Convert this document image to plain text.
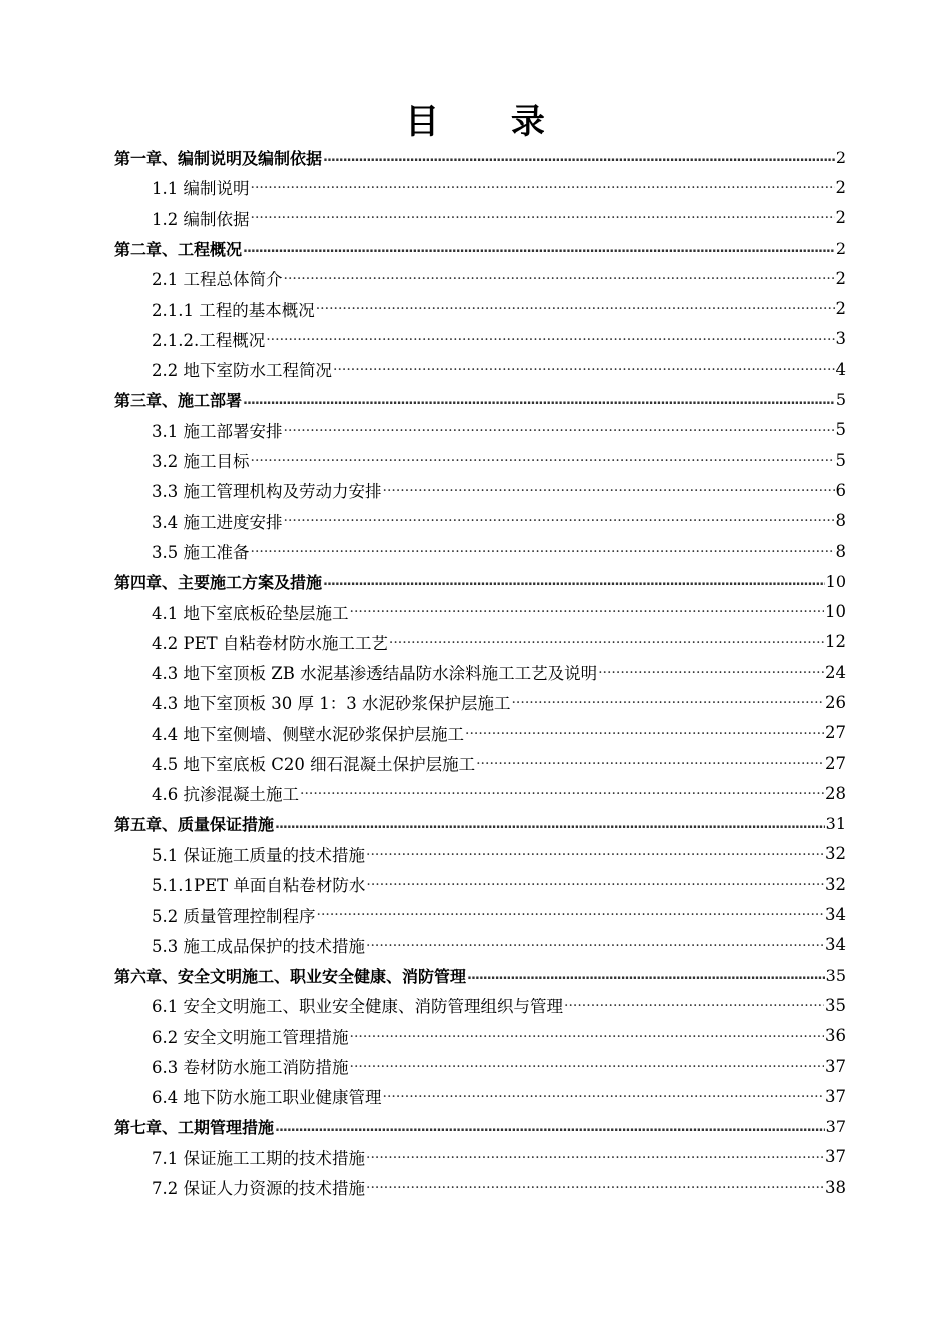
目 录
第一章、编制说明及编制依据 .....	2
1.1 编制说明 ·····	2
1.2 编制依据 ·····	2
第二章、工程概况 .....	2
2.1 工程总体简介 ·····	2
2.1.1 工程的基本概况 ·····	2
2.1.2.工程概况 ·····	3
2.2 地下室防水工程简况 ·····	4
第三章、施工部署 .....	5
3.1 施工部署安排 ·····	5
3.2 施工目标 ·····	5
3.3 施工管理机构及劳动力安排 ·····	6
3.4 施工进度安排 ·····	8
3.5 施工准备 ·····	8
第四章、主要施工方案及措施 .....	10
4.1 地下室底板砼垫层施工 ·····	10
4.2 PET 自粘卷材防水施工工艺 ·····	12
4.3 地下室顶板 ZB 水泥基渗透结晶防水涂料施工工艺及说明 ·····	24
4.3 地下室顶板 30 厚 1：3 水泥砂浆保护层施工 ·····	26
4.4 地下室侧墙、侧壁水泥砂浆保护层施工 ·····	27
4.5 地下室底板 C20 细石混凝土保护层施工 ·····	27
4.6 抗渗混凝土施工 ·····	28
第五章、质量保证措施 .....	31
5.1 保证施工质量的技术措施 ·····	32
5.1.1PET 单面自粘卷材防水 ·····	32
5.2 质量管理控制程序 ·····	34
5.3 施工成品保护的技术措施 ·····	34
第六章、安全文明施工、职业安全健康、消防管理 .....	35
6.1 安全文明施工、职业安全健康、消防管理组织与管理 ·····	35
6.2 安全文明施工管理措施 ·····	36
6.3 卷材防水施工消防措施 ·····	37
6.4 地下防水施工职业健康管理 ·····	37
第七章、工期管理措施 .....	37
7.1 保证施工工期的技术措施 ·····	37
7.2 保证人力资源的技术措施 ·····	38
